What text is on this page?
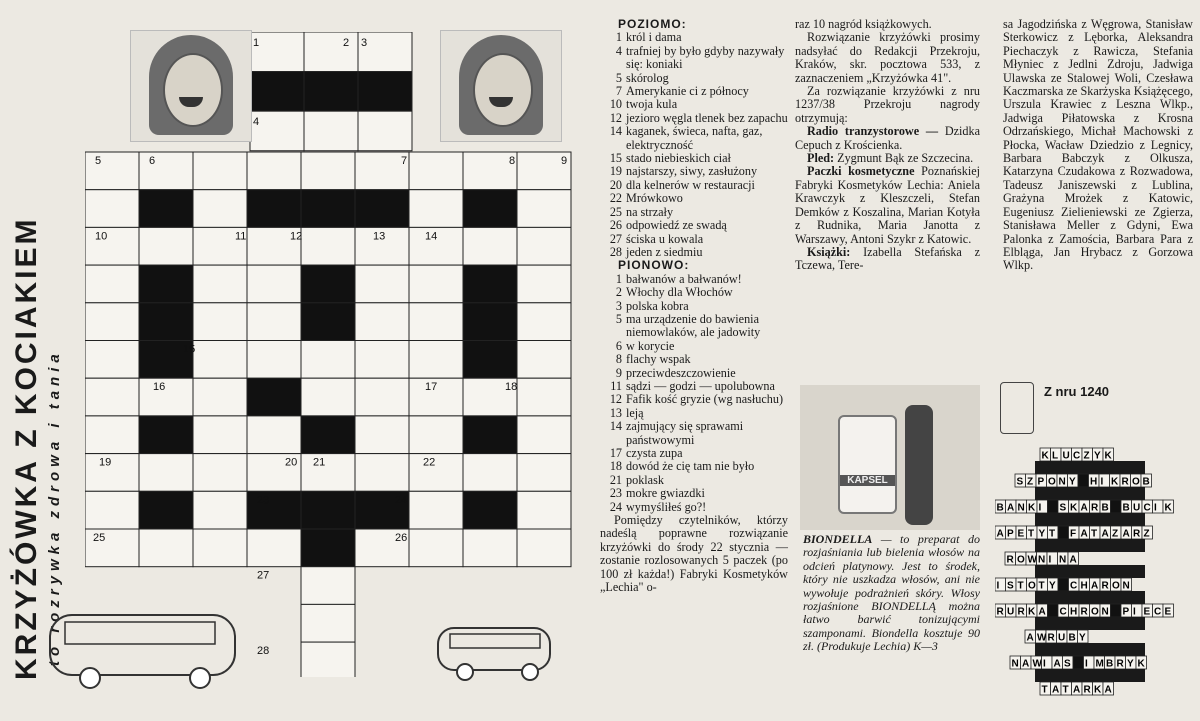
KRZYŻÓWKA Z KOCIAKIEM to rozrywka zdrowa i tania
1	2 3
4
5	6	7	8	9
10	11	12	13	14
15
16	17	18
19	20 21	22
23	24
25	26
27
28
POZIOMO:
1 król i dama
4 trafniej by było gdyby nazywały się: koniaki
5 skórolog
7 Amerykanie ci z północy
10 twoja kula
12 jeziorо węgla tlenek bez zapachu
14 kaganek, świeca, nafta, gaz, elektryczność
15 stado niebieskich ciał
19 najstarszy, siwy, zasłużony
20 dla kelnerów w restauracji
22 Mrówkowo
25 na strzały
26 odpowiedź ze swadą
27 ściska u kowala
28 jeden z siedmiu
PIONOWO:
1 bałwanów a bałwanów!
2 Włochy dla Włochów
3 polska kobra
5 ma urządzenie do bawienia niemowlaków, ale jadowity
6 w korycie
8 flachy wspak
9 przeciwdeszczowienie
11 sądzi — godzi — upolubowna
12 Fafik kość gryzie (wg nasłuchu)
13 leją
14 zajmujący się sprawami państwowymi
17 czysta zupa
18 dowód że cię tam nie było
21 poklask
23 mokre gwiazdki
24 wymyśliłeś go?!

Pomiędzy czytelników, którzy nadeślą poprawne rozwiązanie krzyżówki do środy 22 stycznia — zostanie rozlosowanych 5 paczek (po 100 zł każda!) Fabryki Kosmetyków „Lechia" o-

raz 10 nagród książkowych.

Rozwiązanie krzyżówki prosimy nadsyłać do Redakcji Przekroju, Kraków, skr. pocztowa 533, z zaznaczeniem „Krzyżówka 41".

Za rozwiązanie krzyżówki z nru 1237/38 Przekroju nagrody otrzymują:

Radio tranzystorowe — Dzidka Cepuch z Krościenka.

Pled: Zygmunt Bąk ze Szczecina.

Paczki kosmetyczne Poznańskiej Fabryki Kosmetyków Lechia: Aniela Krawczyk z Kleszczeli, Stefan Demków z Koszalina, Marian Kotyła z Rudnika, Maria Janotta z Warszawy, Antoni Szykr z Katowic.

Książki: Izabella Stefańska z Tczewa, Tere-

KAPSEL
BIONDELLA — to preparat do rozjaśniania lub bielenia włosów na odcień platynowy. Jest to środek, który nie uszkadza włosów, ani nie wywołuje podrażnień skóry. Włosy rozjaśnione BIONDELLĄ można łatwo barwić tonizującymi szamponami. Biondella kosztuje 90 zł. (Produkuje Lechia) K—3

sa Jagodzińska z Węgrowa, Stanisław Sterkowicz z Lęborka, Aleksandra Piechaczyk z Rawicza, Stefania Młyniec z Jedlni Zdroju, Jadwiga Ulawska ze Stalowej Woli, Czesława Kaczmarska ze Skarżyska Książęcego, Urszula Krawiec z Leszna Wlkp., Jadwiga Piłatowska z Krosna Odrzańskiego, Michał Machowski z Płocka, Wacław Dziedzio z Legnicy, Barbara Babczyk z Olkusza, Katarzyna Czudakowa z Rozwadowa, Tadeusz Janiszewski z Lublina, Grażyna Mrożek z Katowic, Eugeniusz Zielieniewski ze Zgierza, Stanisława Meller z Gdyni, Ewa Palonka z Zamościa, Barbara Para z Elbląga, Jan Hrybacz z Gorzowa Wlkp.

Z nru 1240
K L U C Z Y K
S Z P O N Y H I K R O B
B A N K I S K A R B B U C I K
A P E T Y T F A T A Z A R Z
R O W N I N A
I S T O T Y C H A R O N
R U R K A C H R O N P I E C E
A W R U B Y
N A W I A S I M B R Y K
T A T A R K A
